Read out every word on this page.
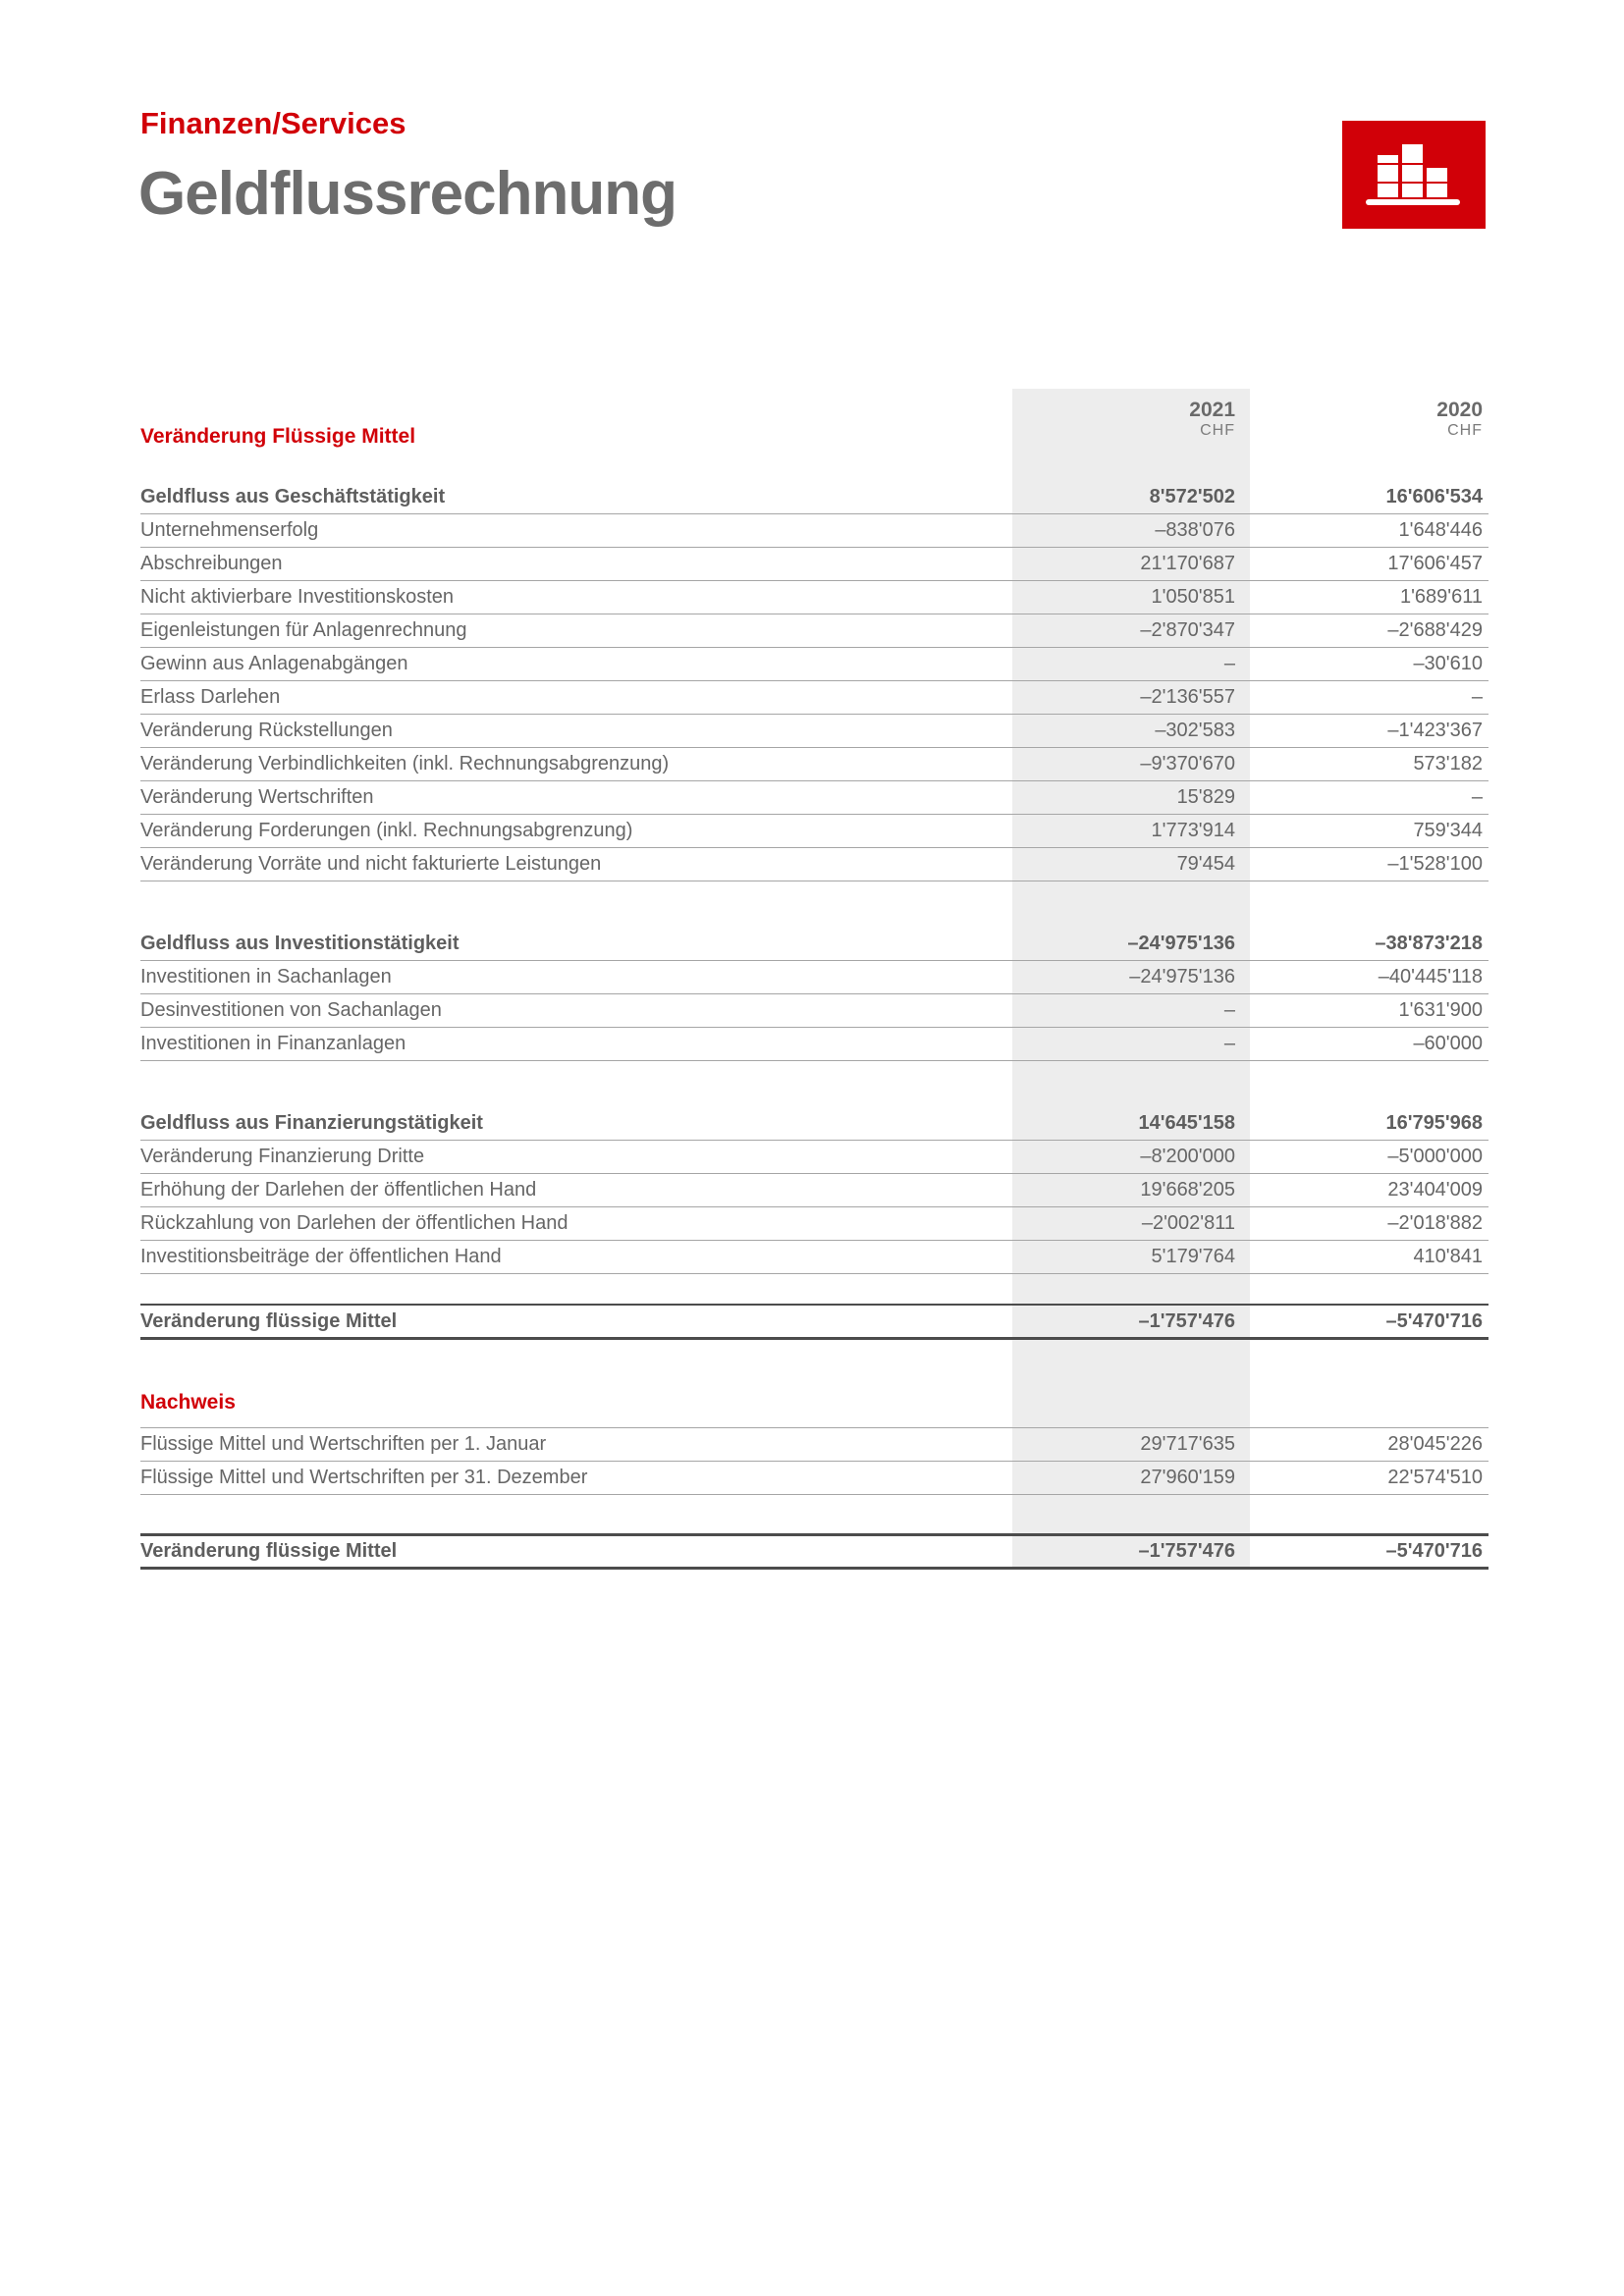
Finanzen/Services
Geldflussrechnung
Veränderung Flüssige Mittel
2021
CHF
2020
CHF
Geldfluss aus Geschäftstätigkeit	8'572'502	16'606'534
Unternehmenserfolg	–838'076	1'648'446
Abschreibungen	21'170'687	17'606'457
Nicht aktivierbare Investitionskosten	1'050'851	1'689'611
Eigenleistungen für Anlagenrechnung	–2'870'347	–2'688'429
Gewinn aus Anlagenabgängen	–	–30'610
Erlass Darlehen	–2'136'557	–
Veränderung Rückstellungen	–302'583	–1'423'367
Veränderung Verbindlichkeiten (inkl. Rechnungsabgrenzung)	–9'370'670	573'182
Veränderung Wertschriften	15'829	–
Veränderung Forderungen (inkl. Rechnungsabgrenzung)	1'773'914	759'344
Veränderung Vorräte und nicht fakturierte Leistungen	79'454	–1'528'100
Geldfluss aus Investitionstätigkeit	–24'975'136	–38'873'218
Investitionen in Sachanlagen	–24'975'136	–40'445'118
Desinvestitionen von Sachanlagen	–	1'631'900
Investitionen in Finanzanlagen	–	–60'000
Geldfluss aus Finanzierungstätigkeit	14'645'158	16'795'968
Veränderung Finanzierung Dritte	–8'200'000	–5'000'000
Erhöhung der Darlehen der öffentlichen Hand	19'668'205	23'404'009
Rückzahlung von Darlehen der öffentlichen Hand	–2'002'811	–2'018'882
Investitionsbeiträge der öffentlichen Hand	5'179'764	410'841
Veränderung flüssige Mittel	–1'757'476	–5'470'716
Nachweis
Flüssige Mittel und Wertschriften per 1. Januar	29'717'635	28'045'226
Flüssige Mittel und Wertschriften per 31. Dezember	27'960'159	22'574'510
Veränderung flüssige Mittel	–1'757'476	–5'470'716
